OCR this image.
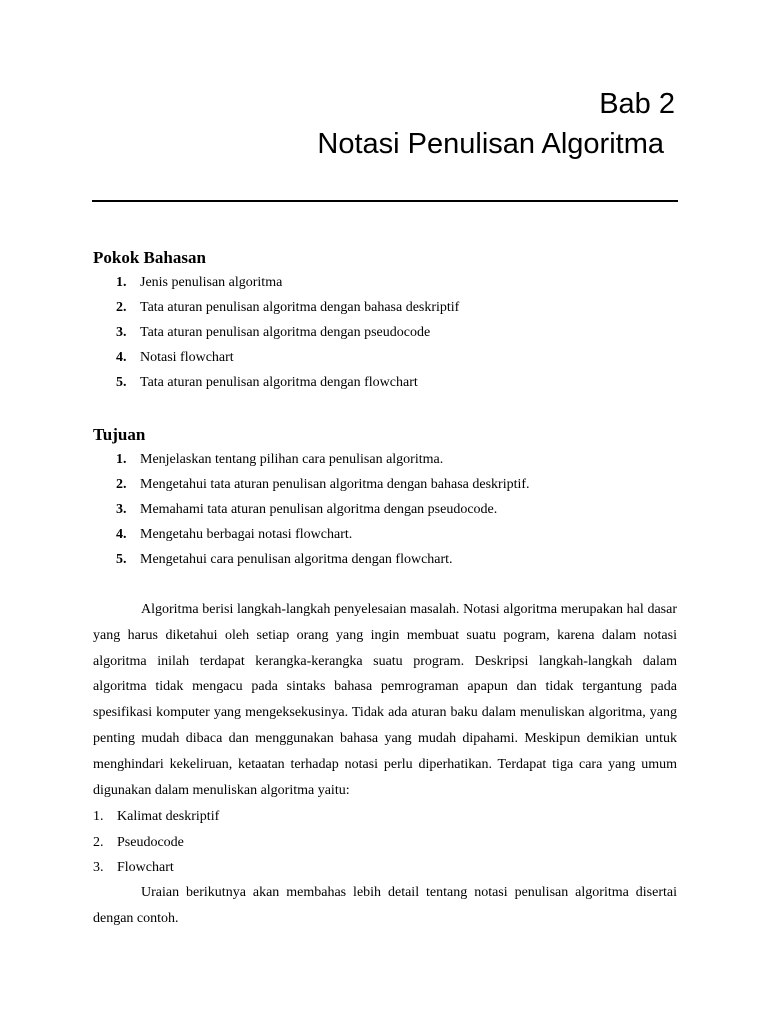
Bab 2
Notasi Penulisan Algoritma
Pokok Bahasan
1. Jenis penulisan algoritma
2. Tata aturan penulisan algoritma dengan bahasa deskriptif
3. Tata aturan penulisan algoritma dengan pseudocode
4. Notasi flowchart
5. Tata aturan penulisan algoritma dengan flowchart
Tujuan
1. Menjelaskan tentang pilihan cara penulisan algoritma.
2. Mengetahui tata aturan penulisan algoritma dengan bahasa deskriptif.
3. Memahami tata aturan penulisan algoritma dengan pseudocode.
4. Mengetahu berbagai notasi flowchart.
5. Mengetahui cara penulisan algoritma dengan flowchart.

Algoritma berisi langkah-langkah penyelesaian masalah. Notasi algoritma merupakan hal dasar yang harus diketahui oleh setiap orang yang ingin membuat suatu pogram, karena dalam notasi algoritma inilah terdapat kerangka-kerangka suatu program. Deskripsi langkah-langkah dalam algoritma tidak mengacu pada sintaks bahasa pemrograman apapun dan tidak tergantung pada spesifikasi komputer yang mengeksekusinya. Tidak ada aturan baku dalam menuliskan algoritma, yang penting mudah dibaca dan menggunakan bahasa yang mudah dipahami. Meskipun demikian untuk menghindari kekeliruan, ketaatan terhadap notasi perlu diperhatikan. Terdapat tiga cara yang umum digunakan dalam menuliskan algoritma yaitu:

1. Kalimat deskriptif
2. Pseudocode
3. Flowchart

Uraian berikutnya akan membahas lebih detail tentang notasi penulisan algoritma disertai dengan contoh.
